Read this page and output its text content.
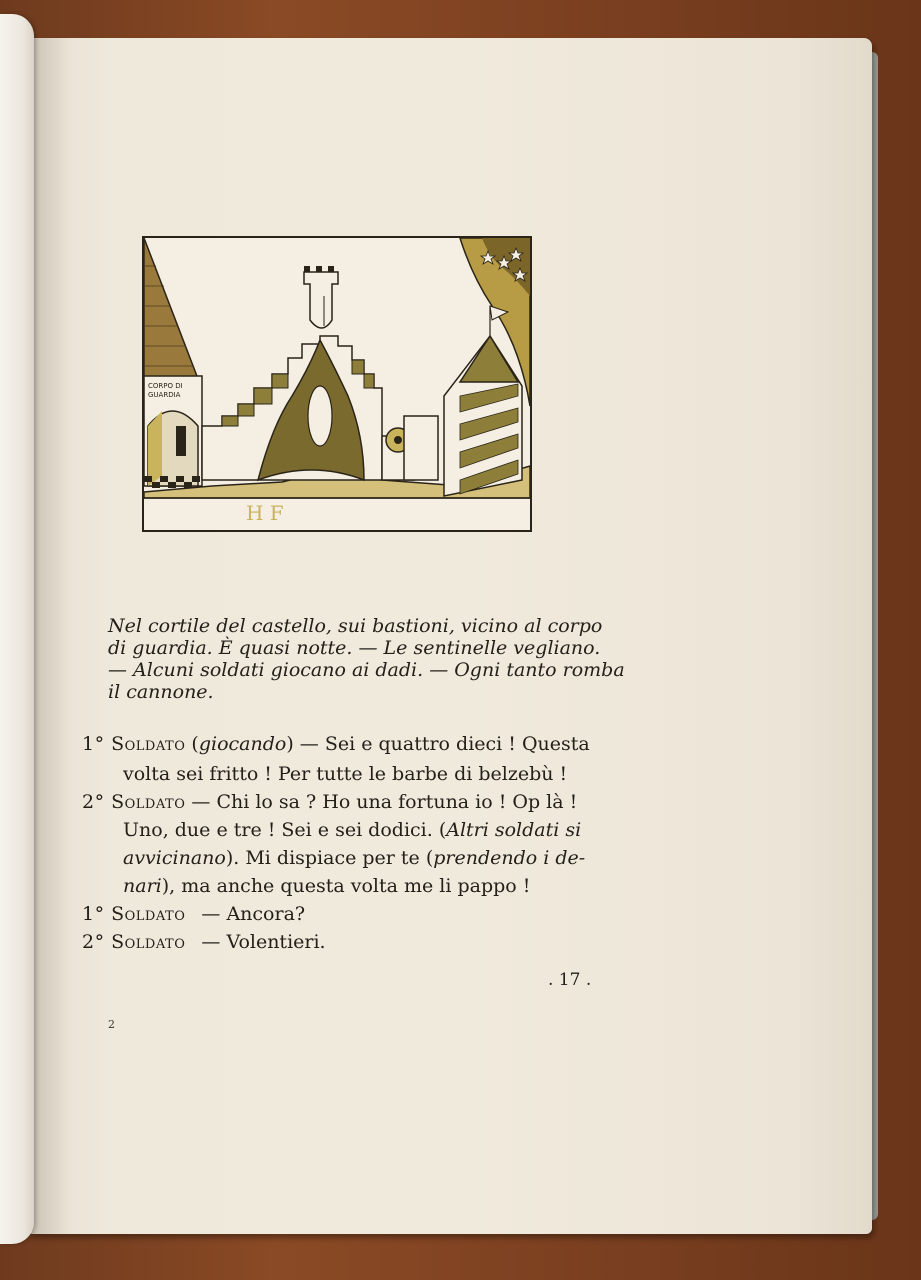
CORPO DI
GUARDIA
H F
Nel cortile del castello, sui bastioni, vicino al corpo
di guardia. È quasi notte. — Le sentinelle vegliano.
— Alcuni soldati giocano ai dadi. — Ogni tanto romba
il cannone.
1° Soldato (giocando) — Sei e quattro dieci ! Questa
volta sei fritto ! Per tutte le barbe di belzebù !
2° Soldato — Chi lo sa ? Ho una fortuna io ! Op là !
Uno, due e tre ! Sei e sei dodici. (Altri soldati si
avvicinano). Mi dispiace per te (prendendo i de-
nari), ma anche questa volta me li pappo !
1° Soldato — Ancora?
2° Soldato — Volentieri.
. 17 .
2
